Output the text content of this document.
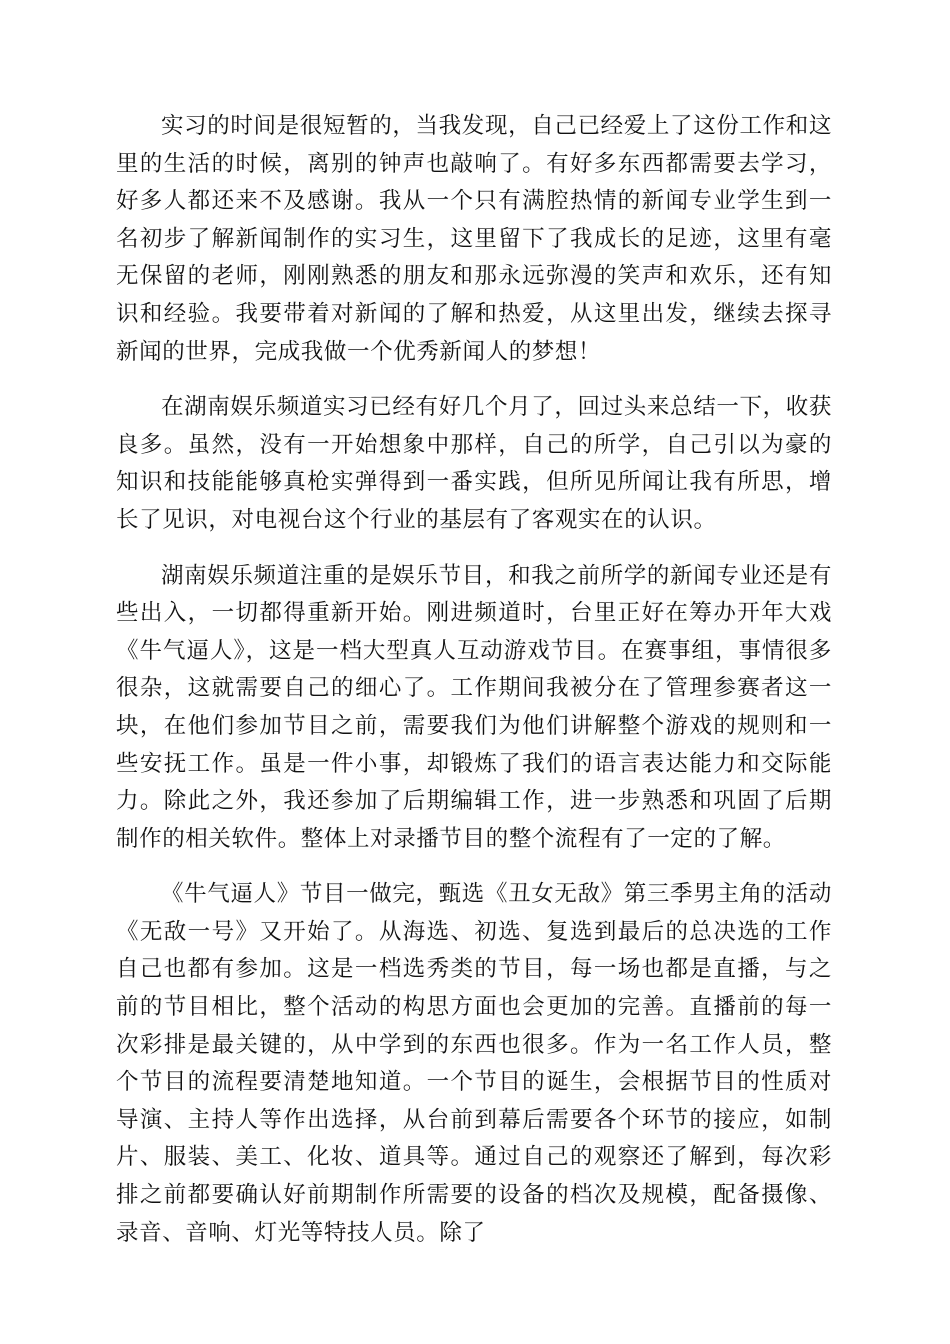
实习的时间是很短暂的，当我发现，自己已经爱上了这份工作和这里的生活的时候，离别的钟声也敲响了。有好多东西都需要去学习，好多人都还来不及感谢。我从一个只有满腔热情的新闻专业学生到一名初步了解新闻制作的实习生，这里留下了我成长的足迹，这里有毫无保留的老师，刚刚熟悉的朋友和那永远弥漫的笑声和欢乐，还有知识和经验。我要带着对新闻的了解和热爱，从这里出发，继续去探寻新闻的世界，完成我做一个优秀新闻人的梦想！

在湖南娱乐频道实习已经有好几个月了，回过头来总结一下，收获良多。虽然，没有一开始想象中那样，自己的所学，自己引以为豪的知识和技能能够真枪实弹得到一番实践，但所见所闻让我有所思，增长了见识，对电视台这个行业的基层有了客观实在的认识。

湖南娱乐频道注重的是娱乐节目，和我之前所学的新闻专业还是有些出入，一切都得重新开始。刚进频道时，台里正好在筹办开年大戏《牛气逼人》，这是一档大型真人互动游戏节目。在赛事组，事情很多很杂，这就需要自己的细心了。工作期间我被分在了管理参赛者这一块，在他们参加节目之前，需要我们为他们讲解整个游戏的规则和一些安抚工作。虽是一件小事，却锻炼了我们的语言表达能力和交际能力。除此之外，我还参加了后期编辑工作，进一步熟悉和巩固了后期制作的相关软件。整体上对录播节目的整个流程有了一定的了解。

《牛气逼人》节目一做完，甄选《丑女无敌》第三季男主角的活动《无敌一号》又开始了。从海选、初选、复选到最后的总决选的工作自己也都有参加。这是一档选秀类的节目，每一场也都是直播，与之前的节目相比，整个活动的构思方面也会更加的完善。直播前的每一次彩排是最关键的，从中学到的东西也很多。作为一名工作人员，整个节目的流程要清楚地知道。一个节目的诞生，会根据节目的性质对导演、主持人等作出选择，从台前到幕后需要各个环节的接应，如制片、服装、美工、化妆、道具等。通过自己的观察还了解到，每次彩排之前都要确认好前期制作所需要的设备的档次及规模，配备摄像、录音、音响、灯光等特技人员。除了
